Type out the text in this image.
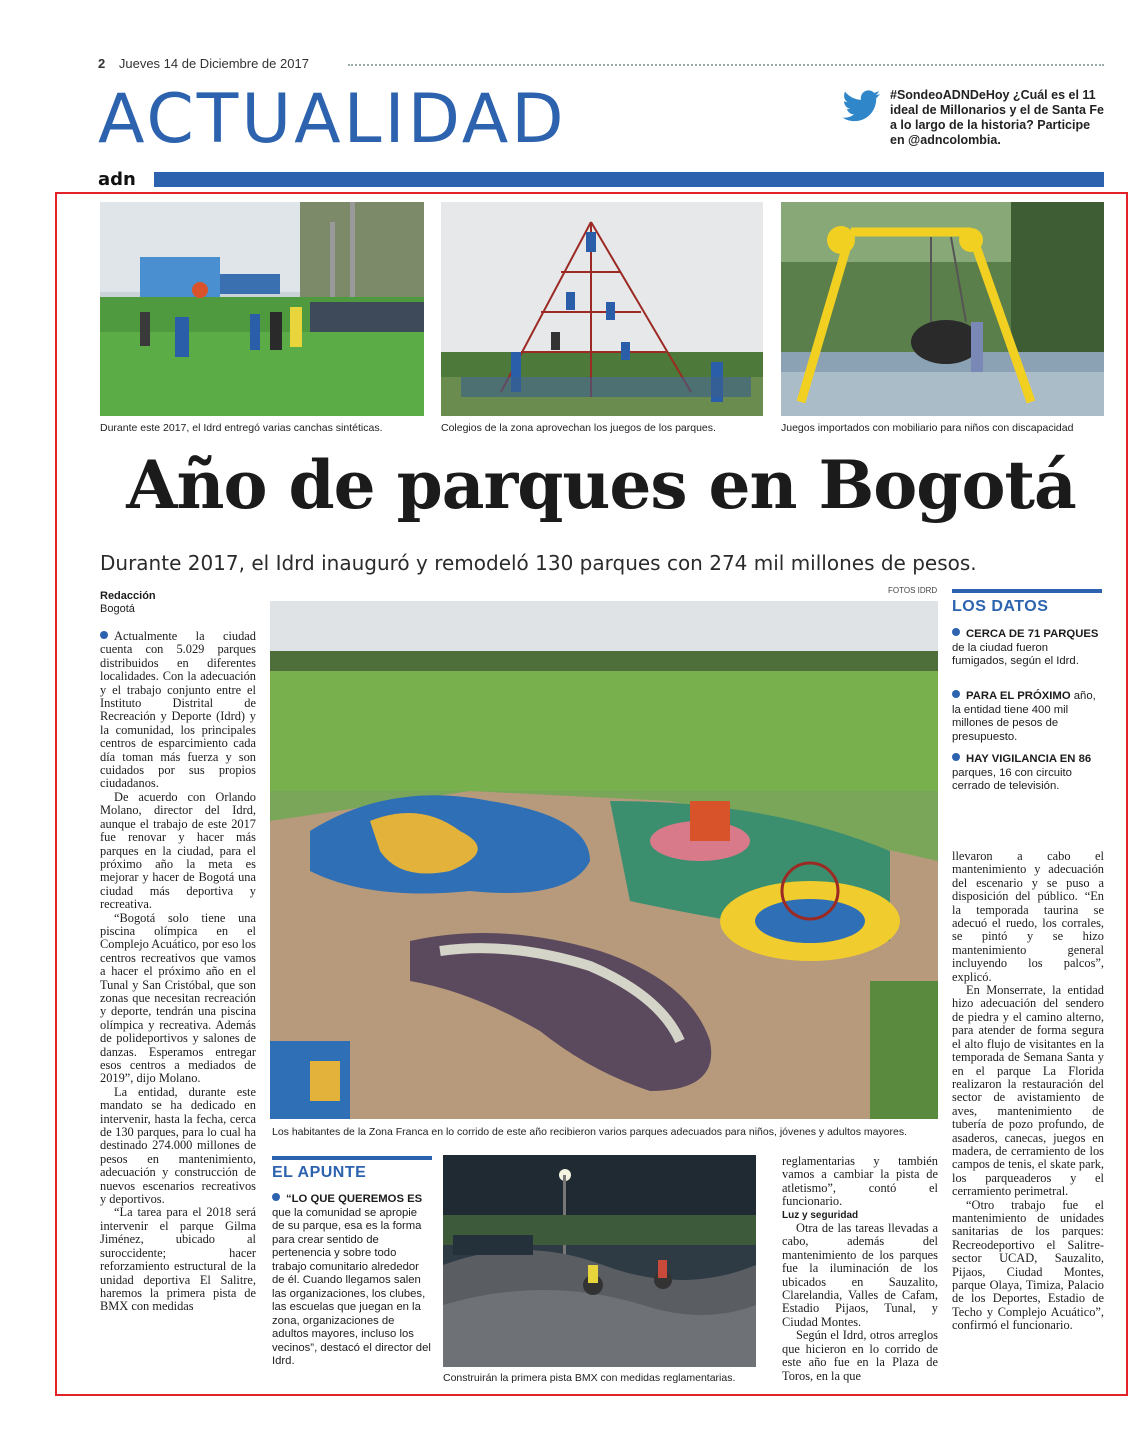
2 Jueves 14 de Diciembre de 2017
ACTUALIDAD	#SondeoADNDeHoy ¿Cuál es el 11 ideal de Millonarios y el de Santa Fe a lo largo de la historia? Participe en @adncolombia.

adn
Durante este 2017, el Idrd entregó varias canchas sintéticas.	Colegios de la zona aprovechan los juegos de los parques.	Juegos importados con mobiliario para niños con discapacidad
Año de parques en Bogotá
Durante 2017, el Idrd inauguró y remodeló 130 parques con 274 mil millones de pesos.
Redacción
Bogotá
FOTOS IDRD

Actualmente la ciudad cuenta con 5.029 parques distribuidos en diferentes localidades. Con la adecuación y el trabajo conjunto entre el Instituto Distrital de Recreación y Deporte (Idrd) y la comunidad, los principales centros de esparcimiento cada día toman más fuerza y son cuidados por sus propios ciudadanos.

De acuerdo con Orlando Molano, director del Idrd, aunque el trabajo de este 2017 fue renovar y hacer más parques en la ciudad, para el próximo año la meta es mejorar y hacer de Bogotá una ciudad más deportiva y recreativa.

“Bogotá solo tiene una piscina olímpica en el Complejo Acuático, por eso los centros recreativos que vamos a hacer el próximo año en el Tunal y San Cristóbal, que son zonas que necesitan recreación y deporte, tendrán una piscina olímpica y recreativa. Además de polideportivos y salones de danzas. Esperamos entregar esos centros a mediados de 2019”, dijo Molano.

La entidad, durante este mandato se ha dedicado en intervenir, hasta la fecha, cerca de 130 parques, para lo cual ha destinado 274.000 millones de pesos en mantenimiento, adecuación y construcción de nuevos escenarios recreativos y deportivos.

“La tarea para el 2018 será intervenir el parque Gilma Jiménez, ubicado al suroccidente; hacer reforzamiento estructural de la unidad deportiva El Salitre, haremos la primera pista de BMX con medidas

Los habitantes de la Zona Franca en lo corrido de este año recibieron varios parques adecuados para niños, jóvenes y adultos mayores.
LOS DATOS
CERCA DE 71 PARQUES de la ciudad fueron fumigados, según el Idrd.
PARA EL PRÓXIMO año, la entidad tiene 400 mil millones de pesos de presupuesto.
HAY VIGILANCIA EN 86 parques, 16 con circuito cerrado de televisión.

llevaron a cabo el mantenimiento y adecuación del escenario y se puso a disposición del público. “En la temporada taurina se adecuó el ruedo, los corrales, se pintó y se hizo mantenimiento general incluyendo los palcos”, explicó.

En Monserrate, la entidad hizo adecuación del sendero de piedra y el camino alterno, para atender de forma segura el alto flujo de visitantes en la temporada de Semana Santa y en el parque La Florida realizaron la restauración del sector de avistamiento de aves, mantenimiento de tubería de pozo profundo, de asaderos, canecas, juegos en madera, de cerramiento de los campos de tenis, el skate park, los parqueaderos y el cerramiento perimetral.

“Otro trabajo fue el mantenimiento de unidades sanitarias de los parques: Recreodeportivo el Salitre-sector UCAD, Sauzalito, Pijaos, Ciudad Montes, parque Olaya, Timiza, Palacio de los Deportes, Estadio de Techo y Complejo Acuático”, confirmó el funcionario.

EL APUNTE
“LO QUE QUEREMOS ES que la comunidad se apropie de su parque, esa es la forma para crear sentido de pertenencia y sobre todo trabajo comunitario alrededor de él. Cuando llegamos salen las organizaciones, los clubes, las escuelas que juegan en la zona, organizaciones de adultos mayores, incluso los vecinos”, destacó el director del Idrd.
Construirán la primera pista BMX con medidas reglamentarias.

reglamentarias y también vamos a cambiar la pista de atletismo”, contó el funcionario.

Luz y seguridad

Otra de las tareas llevadas a cabo, además del mantenimiento de los parques fue la iluminación de los ubicados en Sauzalito, Clarelandia, Valles de Cafam, Estadio Pijaos, Tunal, y Ciudad Montes.

Según el Idrd, otros arreglos que hicieron en lo corrido de este año fue en la Plaza de Toros, en la que
